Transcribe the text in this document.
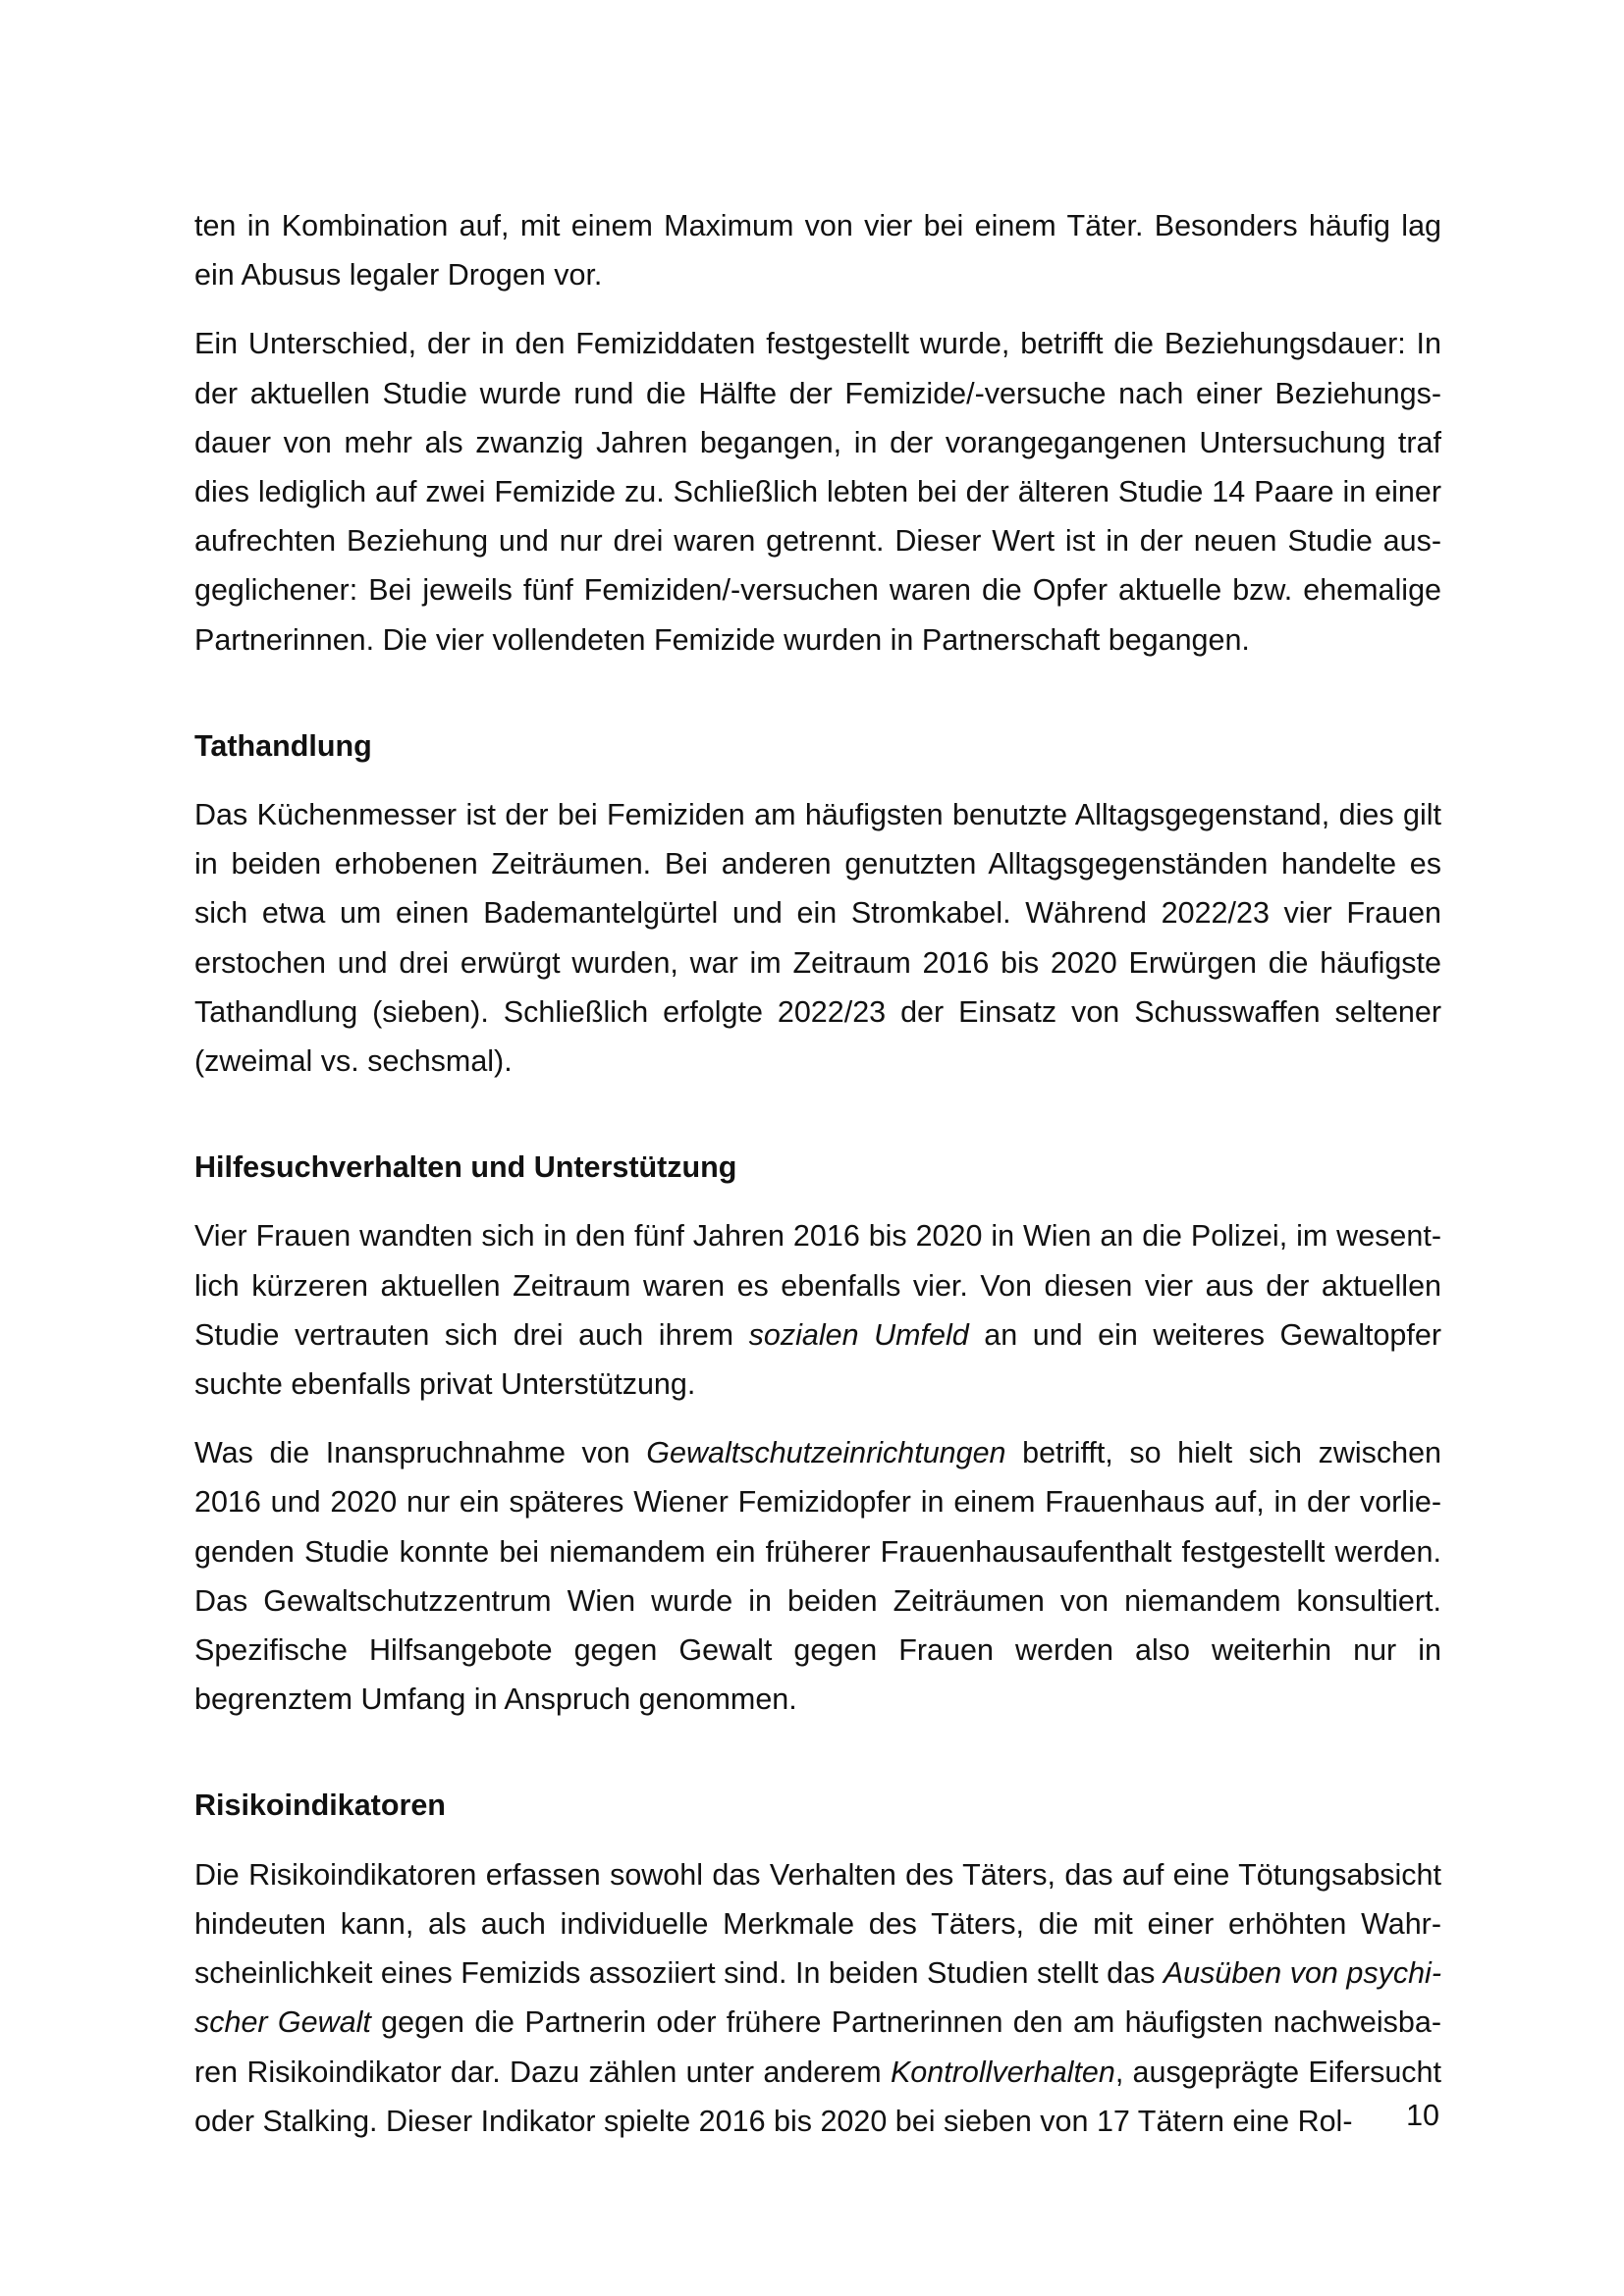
ten in Kombination auf, mit einem Maximum von vier bei einem Täter. Besonders häufig lag ein Abusus legaler Drogen vor.

Ein Unterschied, der in den Femiziddaten festgestellt wurde, betrifft die Beziehungsdauer: In der aktuellen Studie wurde rund die Hälfte der Femizide/-versuche nach einer Beziehungsdauer von mehr als zwanzig Jahren begangen, in der vorangegangenen Untersuchung traf dies lediglich auf zwei Femizide zu. Schließlich lebten bei der älteren Studie 14 Paare in einer aufrechten Beziehung und nur drei waren getrennt. Dieser Wert ist in der neuen Studie ausgeglichener: Bei jeweils fünf Femiziden/-versuchen waren die Opfer aktuelle bzw. ehemalige Partnerinnen. Die vier vollendeten Femizide wurden in Partnerschaft begangen.

Tathandlung

Das Küchenmesser ist der bei Femiziden am häufigsten benutzte Alltagsgegenstand, dies gilt in beiden erhobenen Zeiträumen. Bei anderen genutzten Alltagsgegenständen handelte es sich etwa um einen Bademantelgürtel und ein Stromkabel. Während 2022/23 vier Frauen erstochen und drei erwürgt wurden, war im Zeitraum 2016 bis 2020 Erwürgen die häufigste Tathandlung (sieben). Schließlich erfolgte 2022/23 der Einsatz von Schusswaffen seltener (zweimal vs. sechsmal).

Hilfesuchverhalten und Unterstützung

Vier Frauen wandten sich in den fünf Jahren 2016 bis 2020 in Wien an die Polizei, im wesentlich kürzeren aktuellen Zeitraum waren es ebenfalls vier. Von diesen vier aus der aktuellen Studie vertrauten sich drei auch ihrem sozialen Umfeld an und ein weiteres Gewaltopfer suchte ebenfalls privat Unterstützung.

Was die Inanspruchnahme von Gewaltschutzeinrichtungen betrifft, so hielt sich zwischen 2016 und 2020 nur ein späteres Wiener Femizidopfer in einem Frauenhaus auf, in der vorliegenden Studie konnte bei niemandem ein früherer Frauenhausaufenthalt festgestellt werden. Das Gewaltschutzzentrum Wien wurde in beiden Zeiträumen von niemandem konsultiert. Spezifische Hilfsangebote gegen Gewalt gegen Frauen werden also weiterhin nur in begrenztem Umfang in Anspruch genommen.

Risikoindikatoren

Die Risikoindikatoren erfassen sowohl das Verhalten des Täters, das auf eine Tötungsabsicht hindeuten kann, als auch individuelle Merkmale des Täters, die mit einer erhöhten Wahrscheinlichkeit eines Femizids assoziiert sind. In beiden Studien stellt das Ausüben von psychischer Gewalt gegen die Partnerin oder frühere Partnerinnen den am häufigsten nachweisbaren Risikoindikator dar. Dazu zählen unter anderem Kontrollverhalten, ausgeprägte Eifersucht oder Stalking. Dieser Indikator spielte 2016 bis 2020 bei sieben von 17 Tätern eine Rol-	10
